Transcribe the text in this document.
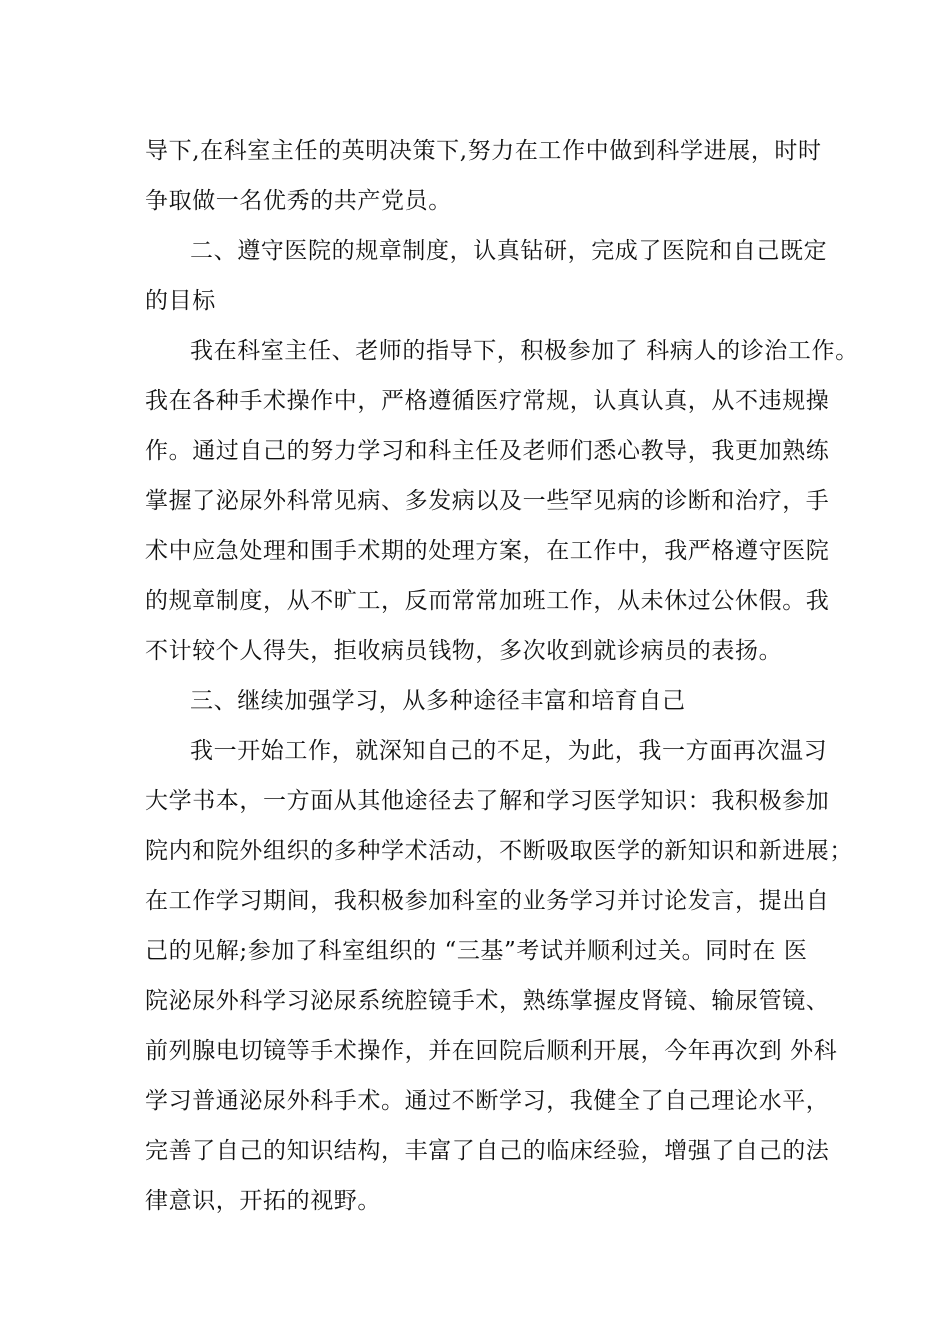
导下,在科室主任的英明决策下,努力在工作中做到科学进展，时时
争取做一名优秀的共产党员。
二、遵守医院的规章制度，认真钻研，完成了医院和自己既定
的目标
我在科室主任、老师的指导下，积极参加了 科病人的诊治工作。
我在各种手术操作中，严格遵循医疗常规，认真认真，从不违规操
作。通过自己的努力学习和科主任及老师们悉心教导，我更加熟练
掌握了泌尿外科常见病、多发病以及一些罕见病的诊断和治疗，手
术中应急处理和围手术期的处理方案，在工作中，我严格遵守医院
的规章制度，从不旷工，反而常常加班工作，从未休过公休假。我
不计较个人得失，拒收病员钱物，多次收到就诊病员的表扬。
三、继续加强学习，从多种途径丰富和培育自己
我一开始工作，就深知自己的不足，为此，我一方面再次温习
大学书本，一方面从其他途径去了解和学习医学知识：我积极参加
院内和院外组织的多种学术活动，不断吸取医学的新知识和新进展；
在工作学习期间，我积极参加科室的业务学习并讨论发言，提出自
己的见解;参加了科室组织的 “三基”考试并顺利过关。同时在 医
院泌尿外科学习泌尿系统腔镜手术，熟练掌握皮肾镜、输尿管镜、
前列腺电切镜等手术操作，并在回院后顺利开展，今年再次到 外科
学习普通泌尿外科手术。通过不断学习，我健全了自己理论水平，
完善了自己的知识结构，丰富了自己的临床经验，增强了自己的法
律意识，开拓的视野。
